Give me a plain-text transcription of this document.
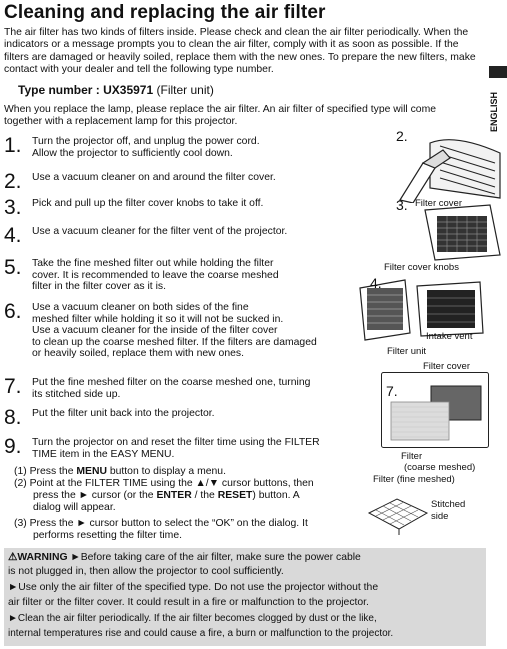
Cleaning and replacing the air filter
The air filter has two kinds of filters inside. Please check and clean the air filter periodically. When the indicators or a message prompts you to clean the air filter, comply with it as soon as possible. If the filters are damaged or heavily soiled, replace them with the new ones. To prepare the new filters, make contact with your dealer and tell the following type number.
Type number : UX35971 (Filter unit)
When you replace the lamp, please replace the air filter. An air filter of specified type will come together with a replacement lamp for this projector.	ENGLISH
1. Turn the projector off, and unplug the power cord.
Allow the projector to sufficiently cool down.
2. Use a vacuum cleaner on and around the filter cover.
3. Pick and pull up the filter cover knobs to take it off.
4. Use a vacuum cleaner for the filter vent of the projector.
5. Take the fine meshed filter out while holding the filter
cover. It is recommended to leave the coarse meshed
filter in the filter cover as it is.
6. Use a vacuum cleaner on both sides of the fine
meshed filter while holding it so it will not be sucked in.
Use a vacuum cleaner for the inside of the filter cover
to clean up the coarse meshed filter. If the filters are damaged
or heavily soiled, replace them with new ones.
7. Put the fine meshed filter on the coarse meshed one, turning
its stitched side up.
8. Put the filter unit back into the projector.
9. Turn the projector on and reset the filter time using the FILTER
TIME item in the EASY MENU.
(1) Press the MENU button to display a menu.
(2) Point at the FILTER TIME using the ▲/▼ cursor buttons, then
press the ► cursor (or the ENTER / the RESET) button. A
dialog will appear.
(3) Press the ► cursor button to select the “OK” on the dialog. It
performs resetting the filter time.
⚠WARNING ►Before taking care of the air filter, make sure the power cable
is not plugged in, then allow the projector to cool sufficiently.
►Use only the air filter of the specified type. Do not use the projector without the
air filter or the filter cover. It could result in a fire or malfunction to the projector.
►Clean the air filter periodically. If the air filter becomes clogged by dust or the like,
internal temperatures rise and could cause a fire, a burn or malfunction to the projector.
2.
3. Filter cover
Filter cover knobs
4.
Intake vent
Filter unit
Filter cover
7.
Filter
(coarse meshed)
Filter (fine meshed)
Stitched
side
